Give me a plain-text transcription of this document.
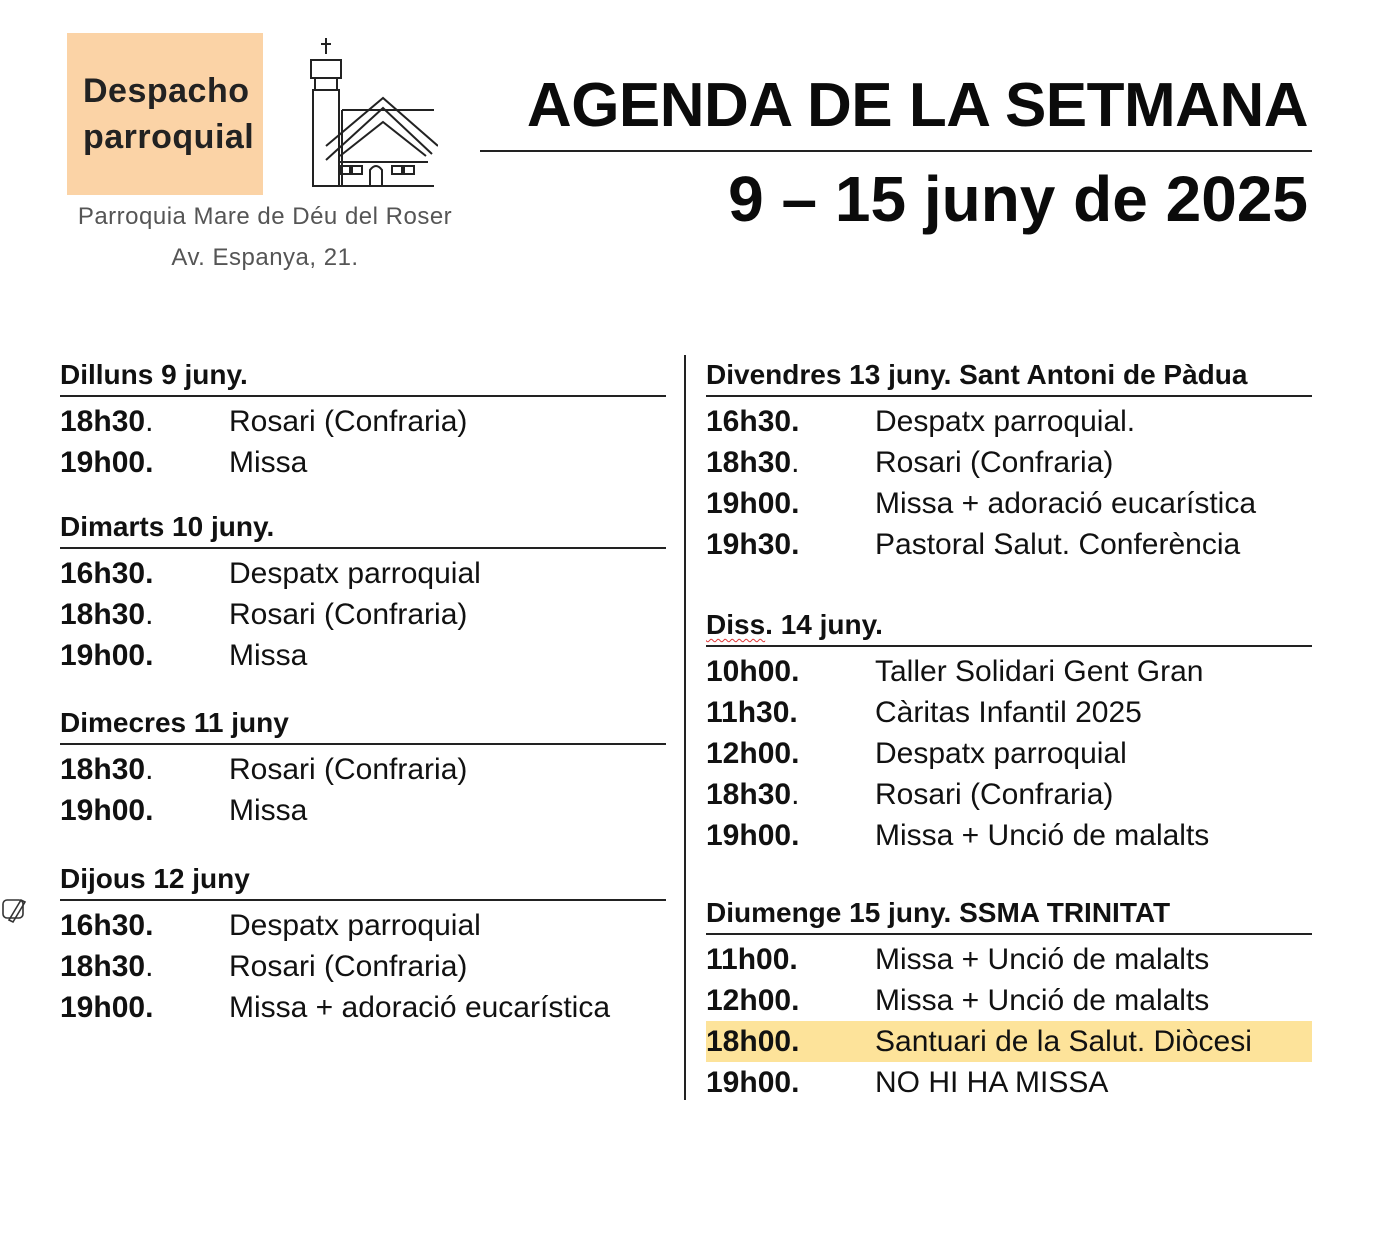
Despacho
parroquial
Parroquia Mare de Déu del Roser
Av. Espanya, 21.
AGENDA DE LA SETMANA
9 – 15 juny de 2025
Dilluns 9 juny.
18h30.	Rosari (Confraria)
19h00.	Missa
Dimarts 10 juny.
16h30.	Despatx parroquial
18h30.	Rosari (Confraria)
19h00.	Missa
Dimecres 11 juny
18h30.	Rosari (Confraria)
19h00.	Missa
Dijous 12 juny
16h30.	Despatx parroquial
18h30.	Rosari (Confraria)
19h00.	Missa + adoració eucarística
Divendres 13 juny. Sant Antoni de Pàdua
16h30.	Despatx parroquial.
18h30.	Rosari (Confraria)
19h00.	Missa + adoració eucarística
19h30.	Pastoral Salut. Conferència
Diss. 14 juny.
10h00.	Taller Solidari Gent Gran
11h30.	Càritas Infantil 2025
12h00.	Despatx parroquial
18h30.	Rosari (Confraria)
19h00.	Missa + Unció de malalts
Diumenge 15 juny. SSMA TRINITAT
11h00.	Missa + Unció de malalts
12h00.	Missa + Unció de malalts
18h00.	Santuari de la Salut. Diòcesi
19h00.	NO HI HA MISSA
